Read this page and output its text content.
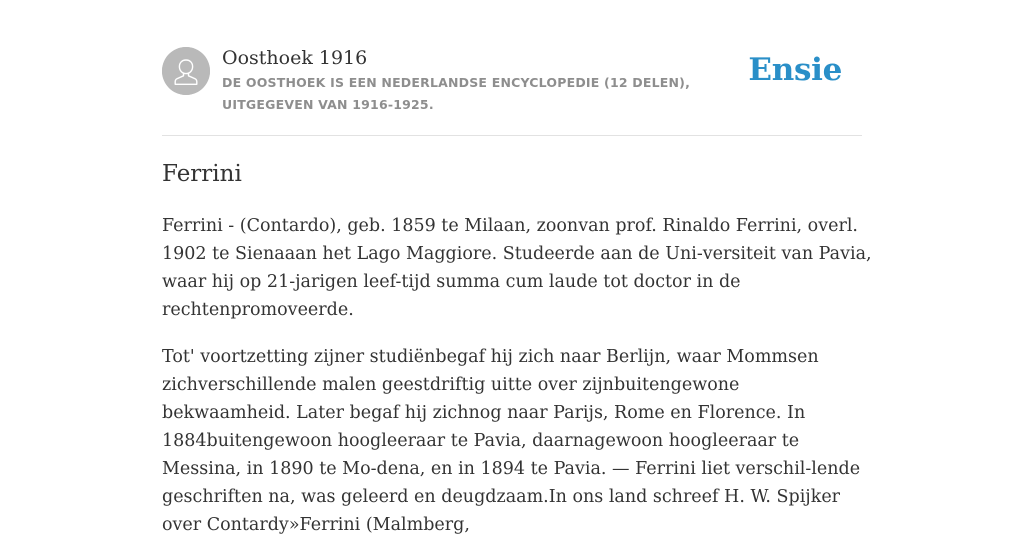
Oosthoek 1916
DE OOSTHOEK IS EEN NEDERLANDSE ENCYCLOPEDIE (12 DELEN), UITGEGEVEN VAN 1916-1925.
Ensie
Ferrini

Ferrini - (Contardo), geb. 1859 te Milaan, zoonvan prof. Rinaldo Ferrini, overl. 1902 te Sienaaan het Lago Maggiore. Studeerde aan de Uni-versiteit van Pavia, waar hij op 21-jarigen leef-tijd summa cum laude tot doctor in de rechtenpromoveerde.

Tot' voortzetting zijner studiënbegaf hij zich naar Berlijn, waar Mommsen zichverschillende malen geestdriftig uitte over zijnbuitengewone bekwaamheid. Later begaf hij zichnog naar Parijs, Rome en Florence. In 1884buitengewoon hoogleeraar te Pavia, daarnagewoon hoogleeraar te Messina, in 1890 te Mo-dena, en in 1894 te Pavia. — Ferrini liet verschil-lende geschriften na, was geleerd en deugdzaam.In ons land schreef H. W. Spijker over Contardy»Ferrini (Malmberg,
